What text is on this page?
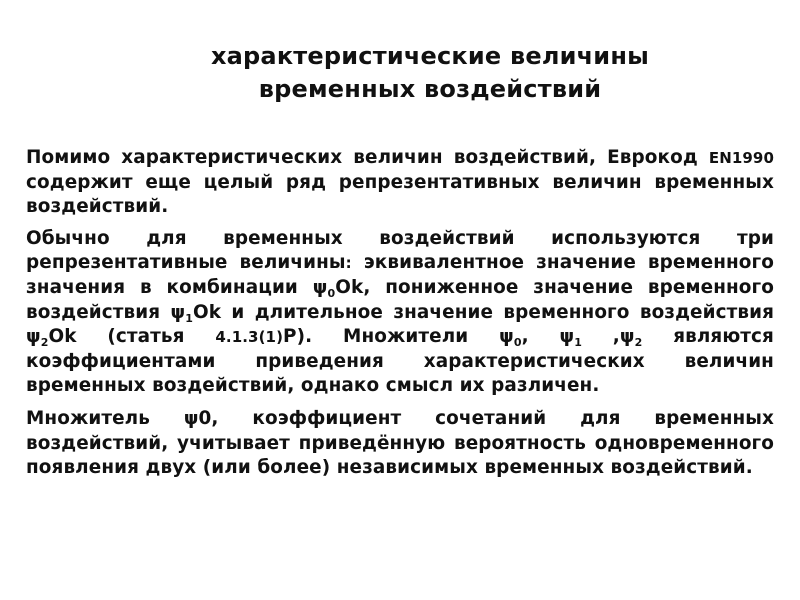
характеристические величины
временных воздействий

Помимо характеристических величин воздействий, Еврокод EN1990 содержит еще целый ряд репрезентативных величин временных воздействий.

Обычно для временных воздействий используются три репрезентативные величины: эквивалентное значение временного значения в комбинации $\psi_0Ok$, пониженное значение временного воздействия $\psi_1Ok$ и длительное значение временного воздействия $\psi_2Ok$ (статья 4.1.3(1)P). Множители $\psi_0$, $\psi_1$ $,\psi_2$ являются коэффициентами приведения характеристических величин временных воздействий, однако смысл их различен.

Множитель ψ0, коэффициент сочетаний для временных воздействий, учитывает приведённую вероятность одновременного появления двух (или более) независимых временных воздействий.
